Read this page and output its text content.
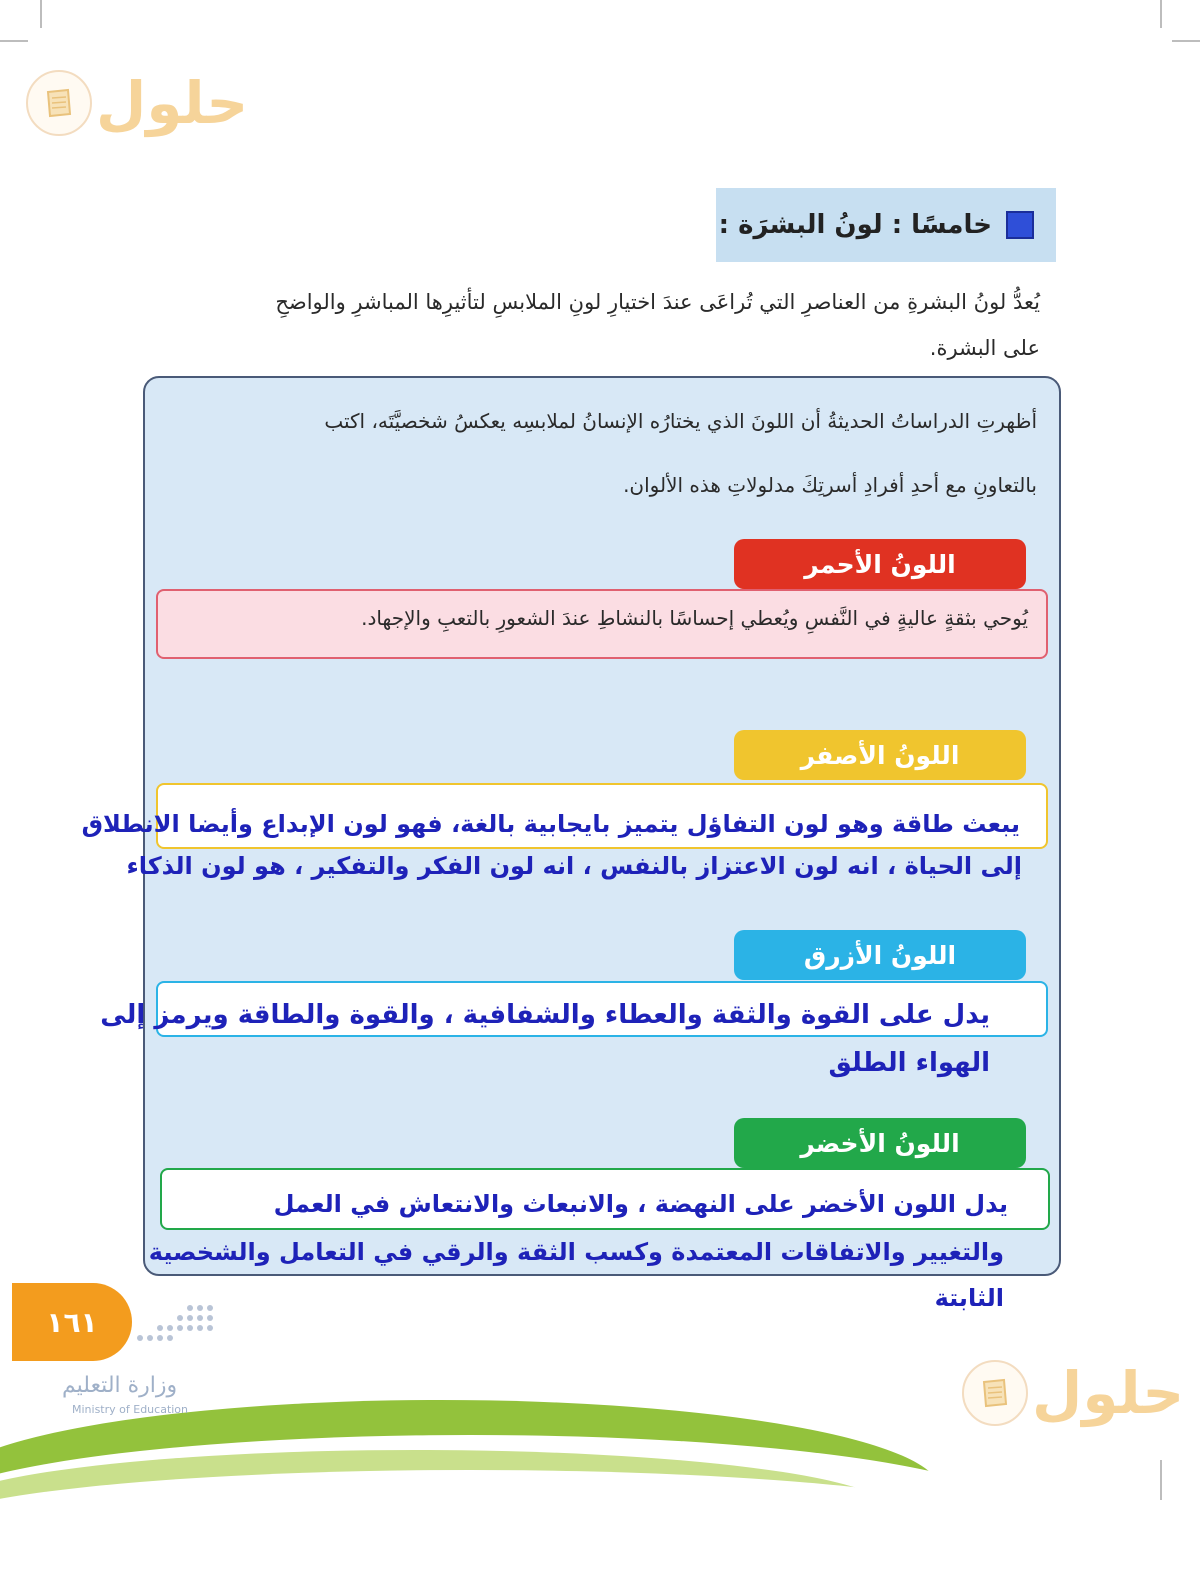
حلول
حلول
خامسًا : لونُ البشرَة :
يُعدُّ لونُ البشرةِ من العناصرِ التي تُراعَى عندَ اختيارِ لونِ الملابسِ لتأثيرِها المباشرِ والواضحِ
على البشرة.
أظهرتِ الدراساتُ الحديثةُ أن اللونَ الذي يختارُه الإنسانُ لملابسِه يعكسُ شخصيَّتَه، اكتب
بالتعاونِ مع أحدِ أفرادِ أسرتِكَ مدلولاتِ هذه الألوان.
اللونُ الأحمر
يُوحي بثقةٍ عاليةٍ في النَّفسِ ويُعطي إحساسًا بالنشاطِ عندَ الشعورِ بالتعبِ والإجهاد.
اللونُ الأصفر
يبعث طاقة وهو لون التفاؤل يتميز بايجابية بالغة، فهو لون الإبداع وأيضا الانطلاق
إلى الحياة ، انه لون الاعتزاز بالنفس ، انه لون الفكر والتفكير ، هو لون الذكاء
اللونُ الأزرق
يدل على القوة والثقة والعطاء والشفافية ، والقوة والطاقة ويرمز إلى
الهواء الطلق
اللونُ الأخضر
يدل اللون الأخضر على النهضة ، والانبعاث والانتعاش في العمل
والتغيير والاتفاقات المعتمدة وكسب الثقة والرقي في التعامل والشخصية
الثابتة
١٦١
وزارة التعليم
Ministry of Education
